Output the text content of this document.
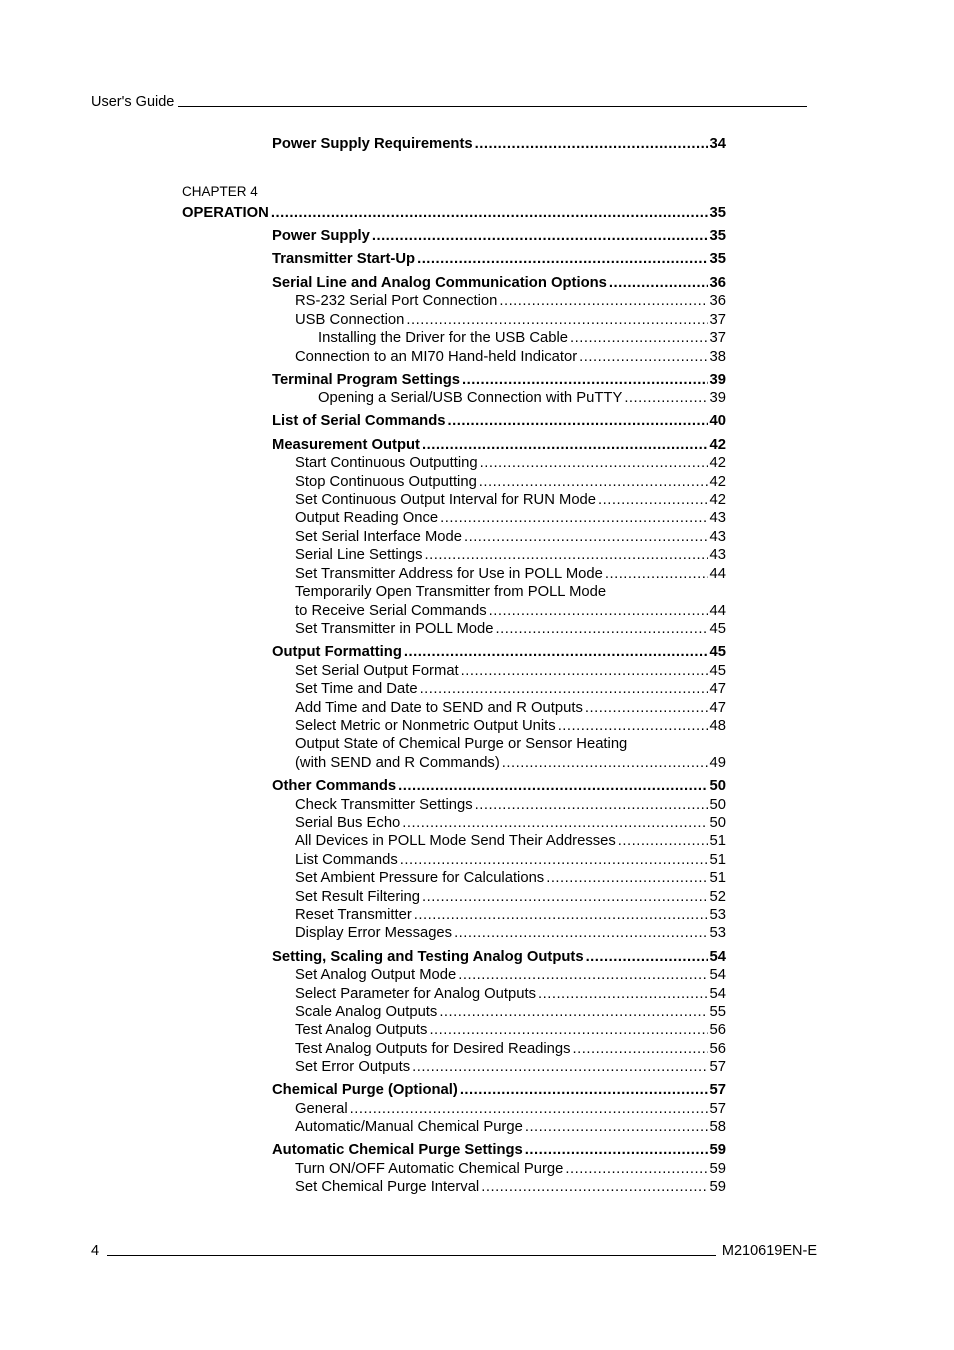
User's Guide
CHAPTER 4
OPERATION .....	35
Power Supply Requirements .....	34
Power Supply .....	35
Transmitter Start-Up .....	35
Serial Line and Analog Communication Options .....	36
RS-232 Serial Port Connection .....	36
USB Connection .....	37
Installing the Driver for the USB Cable .....	37
Connection to an MI70 Hand-held Indicator .....	38
Terminal Program Settings .....	39
Opening a Serial/USB Connection with PuTTY .....	39
List of Serial Commands .....	40
Measurement Output .....	42
Start Continuous Outputting .....	42
Stop Continuous Outputting .....	42
Set Continuous Output Interval for RUN Mode .....	42
Output Reading Once .....	43
Set Serial Interface Mode .....	43
Serial Line Settings .....	43
Set Transmitter Address for Use in POLL Mode .....	44
Temporarily Open Transmitter from POLL Mode
to Receive Serial Commands .....	44
Set Transmitter in POLL Mode .....	45
Output Formatting .....	45
Set Serial Output Format .....	45
Set Time and Date .....	47
Add Time and Date to SEND and R Outputs .....	47
Select Metric or Nonmetric Output Units .....	48
Output State of Chemical Purge or Sensor Heating
(with SEND and R Commands) .....	49
Other Commands .....	50
Check Transmitter Settings .....	50
Serial Bus Echo .....	50
All Devices in POLL Mode Send Their Addresses .....	51
List Commands .....	51
Set Ambient Pressure for Calculations .....	51
Set Result Filtering .....	52
Reset Transmitter .....	53
Display Error Messages .....	53
Setting, Scaling and Testing Analog Outputs .....	54
Set Analog Output Mode .....	54
Select Parameter for Analog Outputs .....	54
Scale Analog Outputs .....	55
Test Analog Outputs .....	56
Test Analog Outputs for Desired Readings .....	56
Set Error Outputs .....	57
Chemical Purge (Optional) .....	57
General .....	57
Automatic/Manual Chemical Purge .....	58
Automatic Chemical Purge Settings .....	59
Turn ON/OFF Automatic Chemical Purge .....	59
Set Chemical Purge Interval .....	59
4	M210619EN-E
